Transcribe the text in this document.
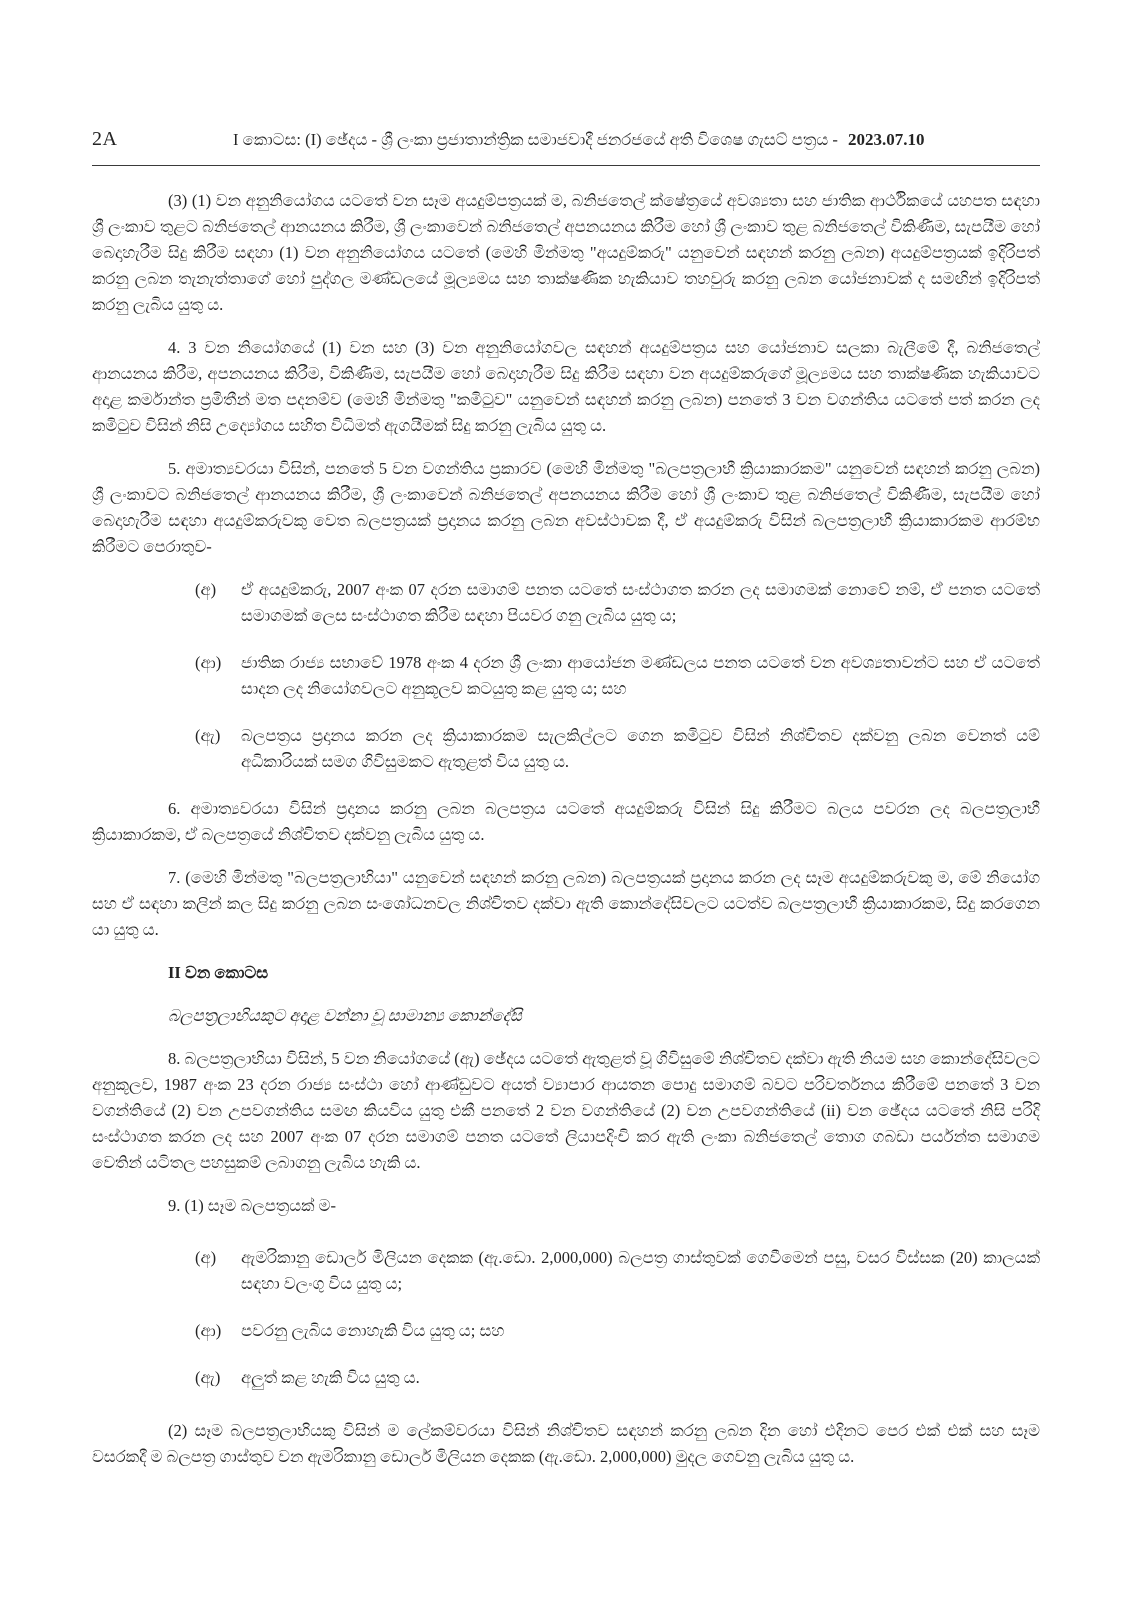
2A	I කොටස: (I) ඡේදය - ශ්‍රී ලංකා ප්‍රජාතාන්ත්‍රික සමාජවාදී ජනරජයේ අති විශෙෂ ගැසට් පත්‍රය - 2023.07.10

(3) (1) වන අනුනියෝගය යටතේ වන සෑම අයදුම්පත්‍රයක් ම, බනිජතෙල් ක්ෂේත්‍රයේ අවශ්‍යතා සහ ජාතික ආර්ථිකයේ යහපත සඳහා ශ්‍රී ලංකාව තුළට බනිජතෙල් ආනයනය කිරීම, ශ්‍රී ලංකාවෙන් බනිජතෙල් අපනයනය කිරීම හෝ ශ්‍රී ලංකාව තුළ බනිජතෙල් විකිණීම, සැපයීම හෝ බෙදාහැරීම සිදු කිරීම සඳහා (1) වන අනුනියෝගය යටතේ (මෙහි මින්මතු "අයදුම්කරු" යනුවෙන් සඳහන් කරනු ලබන) අයදුම්පත්‍රයක් ඉදිරිපත් කරනු ලබන තැනැත්තාගේ හෝ පුද්ගල මණ්ඩලයේ මූල්‍යමය සහ තාක්ෂණික හැකියාව තහවුරු කරනු ලබන යෝජනාවක් ද සමඟින් ඉදිරිපත් කරනු ලැබිය යුතු ය.

4. 3 වන නියෝගයේ (1) වන සහ (3) වන අනුනියෝගවල සඳහන් අයදුම්පත්‍රය සහ යෝජනාව සලකා බැලීමේ දී, බනිජතෙල් ආනයනය කිරීම, අපනයනය කිරීම, විකිණීම, සැපයීම හෝ බෙදාහැරීම සිදු කිරීම සඳහා වන අයදුම්කරුගේ මූල්‍යමය සහ තාක්ෂණික හැකියාවට අදාළ කර්මාන්ත ප්‍රමිතීන් මත පදනම්ව (මෙහි මින්මතු "කමිටුව" යනුවෙන් සඳහන් කරනු ලබන) පනතේ 3 වන වගන්තිය යටතේ පත් කරන ලද කමිටුව විසින් නිසි උද්‍යෝගය සහිත විධිමත් ඇගයීමක් සිදු කරනු ලැබිය යුතු ය.

5. අමාත්‍යවරයා විසින්, පනතේ 5 වන වගන්තිය ප්‍රකාරව (මෙහි මින්මතු "බලපත්‍රලාභී ක්‍රියාකාරකම" යනුවෙන් සඳහන් කරනු ලබන) ශ්‍රී ලංකාවට බනිජතෙල් ආනයනය කිරීම, ශ්‍රී ලංකාවෙන් බනිජතෙල් අපනයනය කිරීම හෝ ශ්‍රී ලංකාව තුළ බනිජතෙල් විකිණීම, සැපයීම හෝ බෙදාහැරීම සඳහා අයදුම්කරුවකු වෙත බලපත්‍රයක් ප්‍රදානය කරනු ලබන අවස්ථාවක දී, ඒ අයදුම්කරු විසින් බලපත්‍රලාභී ක්‍රියාකාරකම ආරම්භ කිරීමට පෙරාතුව-

(අ)	ඒ අයදුම්කරු, 2007 අංක 07 දරන සමාගම් පනත යටතේ සංස්ථාගත කරන ලද සමාගමක් නොවේ නම්, ඒ පනත යටතේ සමාගමක් ලෙස සංස්ථාගත කිරීම සඳහා පියවර ගනු ලැබිය යුතු ය;
(ආ)	ජාතික රාජ්‍ය සභාවේ 1978 අංක 4 දරන ශ්‍රී ලංකා ආයෝජන මණ්ඩලය පනත යටතේ වන අවශ්‍යතාවන්ට සහ ඒ යටතේ සාදන ලද නියෝගවලට අනුකූලව කටයුතු කළ යුතු ය; සහ
(ඇ)	බලපත්‍රය ප්‍රදානය කරන ලද ක්‍රියාකාරකම සැලකිල්ලට ගෙන කමිටුව විසින් නිශ්චිතව දක්වනු ලබන වෙනත් යම් අධිකාරියක් සමග ගිවිසුමකට ඇතුළත් විය යුතු ය.

6. අමාත්‍යවරයා විසින් ප්‍රදානය කරනු ලබන බලපත්‍රය යටතේ අයදුම්කරු විසින් සිදු කිරීමට බලය පවරන ලද බලපත්‍රලාභී ක්‍රියාකාරකම, ඒ බලපත්‍රයේ නිශ්චිතව දක්වනු ලැබිය යුතු ය.

7. (මෙහි මින්මතු "බලපත්‍රලාභියා" යනුවෙන් සඳහන් කරනු ලබන) බලපත්‍රයක් ප්‍රදානය කරන ලද සෑම අයදුම්කරුවකු ම, මේ නියෝග සහ ඒ සඳහා කලින් කල සිදු කරනු ලබන සංශෝධනවල නිශ්චිතව දක්වා ඇති කොන්දේසිවලට යටත්ව බලපත්‍රලාභී ක්‍රියාකාරකම, සිදු කරගෙන යා යුතු ය.

II වන කොටස

බලපත්‍රලාභියකුට අදාළ වන්නා වූ සාමාන්‍ය කොන්දේසි

8. බලපත්‍රලාභියා විසින්, 5 වන නියෝගයේ (ඇ) ඡේදය යටතේ ඇතුළත් වූ ගිවිසුමේ නිශ්චිතව දක්වා ඇති නියම සහ කොන්දේසිවලට අනුකූලව, 1987 අංක 23 දරන රාජ්‍ය සංස්ථා හෝ ආණ්ඩුවට අයත් ව්‍යාපාර ආයතන පොදු සමාගම් බවට පරිවර්තනය කිරීමේ පනතේ 3 වන වගන්තියේ (2) වන උපවගන්තිය සමඟ කියවිය යුතු එකී පනතේ 2 වන වගන්තියේ (2) වන උපවගන්තියේ (ii) වන ඡේදය යටතේ නිසි පරිදි සංස්ථාගත කරන ලද සහ 2007 අංක 07 දරන සමාගම් පනත යටතේ ලියාපදිංචි කර ඇති ලංකා බනිජතෙල් තොග ගබඩා පර්යන්ත සමාගම වෙතින් යටිතල පහසුකම් ලබාගනු ලැබිය හැකි ය.

9. (1) සෑම බලපත්‍රයක් ම-

(අ)	ඇමරිකානු ඩොලර් මිලියන දෙකක (ඇ.ඩො. 2,000,000) බලපත්‍ර ගාස්තුවක් ගෙවීමෙන් පසු, වසර විස්සක (20) කාලයක් සඳහා වලංගු විය යුතු ය;
(ආ)	පවරනු ලැබිය නොහැකි විය යුතු ය; සහ
(ඇ)	අලුත් කළ හැකි විය යුතු ය.

(2) සෑම බලපත්‍රලාභියකු විසින් ම ලේකම්වරයා විසින් නිශ්චිතව සඳහන් කරනු ලබන දින හෝ එදිනට පෙර එක් එක් සහ සෑම වසරකදී ම බලපත්‍ර ගාස්තුව වන ඇමරිකානු ඩොලර් මිලියන දෙකක (ඇ.ඩො. 2,000,000) මුදල ගෙවනු ලැබිය යුතු ය.
